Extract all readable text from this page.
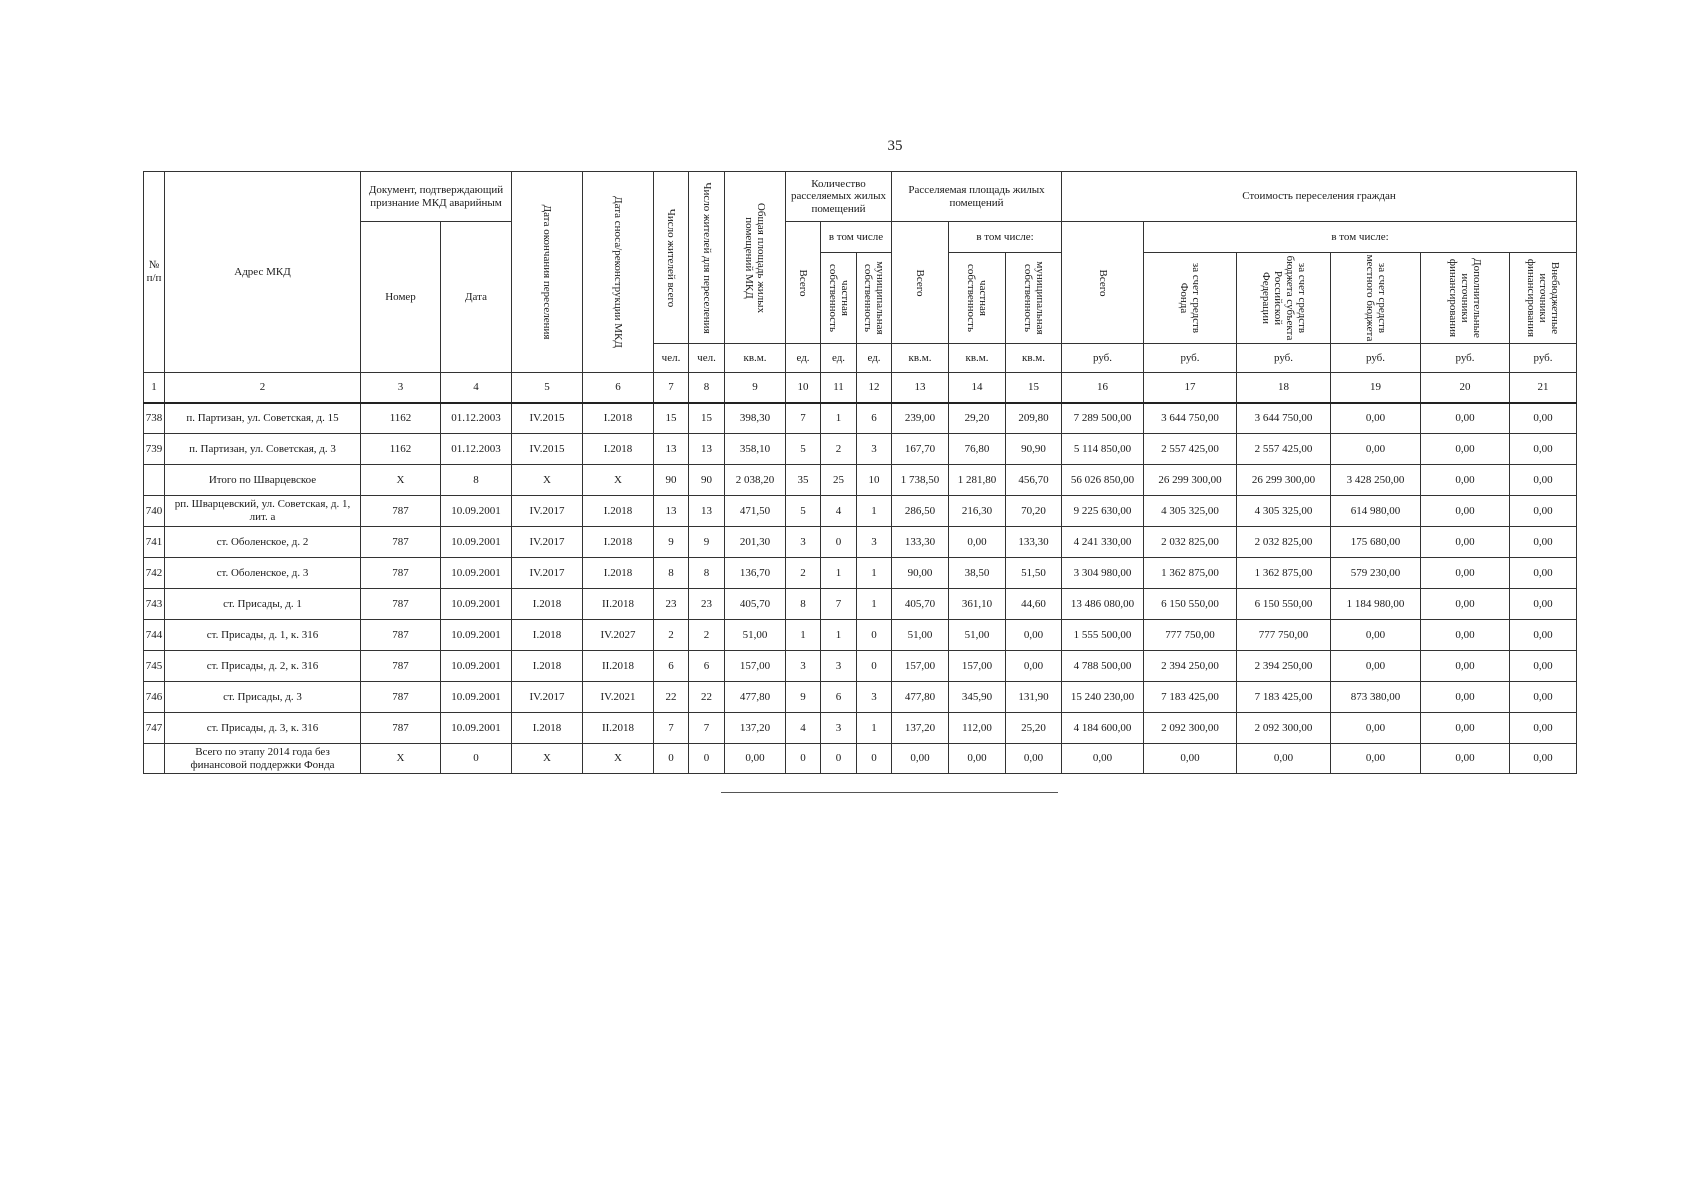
35
№ п/п	Адрес МКД	Документ, подтверждающий признание МКД аварийным		Дата окончания переселения	Дата сноса/реконструкции МКД	Число жителей всего	Число жителей для переселения	Общая площадь жилых помещений МКД	Количество расселяемых жилых помещений			Расселяемая площадь жилых помещений			Стоимость переселения граждан					
		Номер	Дата						Всего	в том числе		Всего	в том числе:		Всего	в том числе:				

										частная собственность	муниципальная собственность		частная собственность	муниципальная собственность		за счет средств Фонда	за счет средств бюджета субъекта Российской Федерации	за счет средств местного бюджета	Дополнительные источники финансирования	Внебюджетные источники финансирования

						чел.	чел.	кв.м.	ед.	ед.	ед.	кв.м.	кв.м.	кв.м.	руб.	руб.	руб.	руб.	руб.	руб.
1	2	3	4	5	6	7	8	9	10	11	12	13	14	15	16	17	18	19	20	21
738	п. Партизан, ул. Советская, д. 15	1162	01.12.2003	IV.2015	I.2018	15	15	398,30	7	1	6	239,00	29,20	209,80	7 289 500,00	3 644 750,00	3 644 750,00	0,00	0,00	0,00
739	п. Партизан, ул. Советская, д. 3	1162	01.12.2003	IV.2015	I.2018	13	13	358,10	5	2	3	167,70	76,80	90,90	5 114 850,00	2 557 425,00	2 557 425,00	0,00	0,00	0,00
	Итого по Шварцевское	X	8	X	X	90	90	2 038,20	35	25	10	1 738,50	1 281,80	456,70	56 026 850,00	26 299 300,00	26 299 300,00	3 428 250,00	0,00	0,00
740	рп. Шварцевский, ул. Советская, д. 1, лит. а	787	10.09.2001	IV.2017	I.2018	13	13	471,50	5	4	1	286,50	216,30	70,20	9 225 630,00	4 305 325,00	4 305 325,00	614 980,00	0,00	0,00
741	ст. Оболенское, д. 2	787	10.09.2001	IV.2017	I.2018	9	9	201,30	3	0	3	133,30	0,00	133,30	4 241 330,00	2 032 825,00	2 032 825,00	175 680,00	0,00	0,00
742	ст. Оболенское, д. 3	787	10.09.2001	IV.2017	I.2018	8	8	136,70	2	1	1	90,00	38,50	51,50	3 304 980,00	1 362 875,00	1 362 875,00	579 230,00	0,00	0,00
743	ст. Присады, д. 1	787	10.09.2001	I.2018	II.2018	23	23	405,70	8	7	1	405,70	361,10	44,60	13 486 080,00	6 150 550,00	6 150 550,00	1 184 980,00	0,00	0,00
744	ст. Присады, д. 1, к. 316	787	10.09.2001	I.2018	IV.2027	2	2	51,00	1	1	0	51,00	51,00	0,00	1 555 500,00	777 750,00	777 750,00	0,00	0,00	0,00
745	ст. Присады, д. 2, к. 316	787	10.09.2001	I.2018	II.2018	6	6	157,00	3	3	0	157,00	157,00	0,00	4 788 500,00	2 394 250,00	2 394 250,00	0,00	0,00	0,00
746	ст. Присады, д. 3	787	10.09.2001	IV.2017	IV.2021	22	22	477,80	9	6	3	477,80	345,90	131,90	15 240 230,00	7 183 425,00	7 183 425,00	873 380,00	0,00	0,00
747	ст. Присады, д. 3, к. 316	787	10.09.2001	I.2018	II.2018	7	7	137,20	4	3	1	137,20	112,00	25,20	4 184 600,00	2 092 300,00	2 092 300,00	0,00	0,00	0,00
	Всего по этапу 2014 года без финансовой поддержки Фонда	X	0	X	X	0	0	0,00	0	0	0	0,00	0,00	0,00	0,00	0,00	0,00	0,00	0,00	0,00
